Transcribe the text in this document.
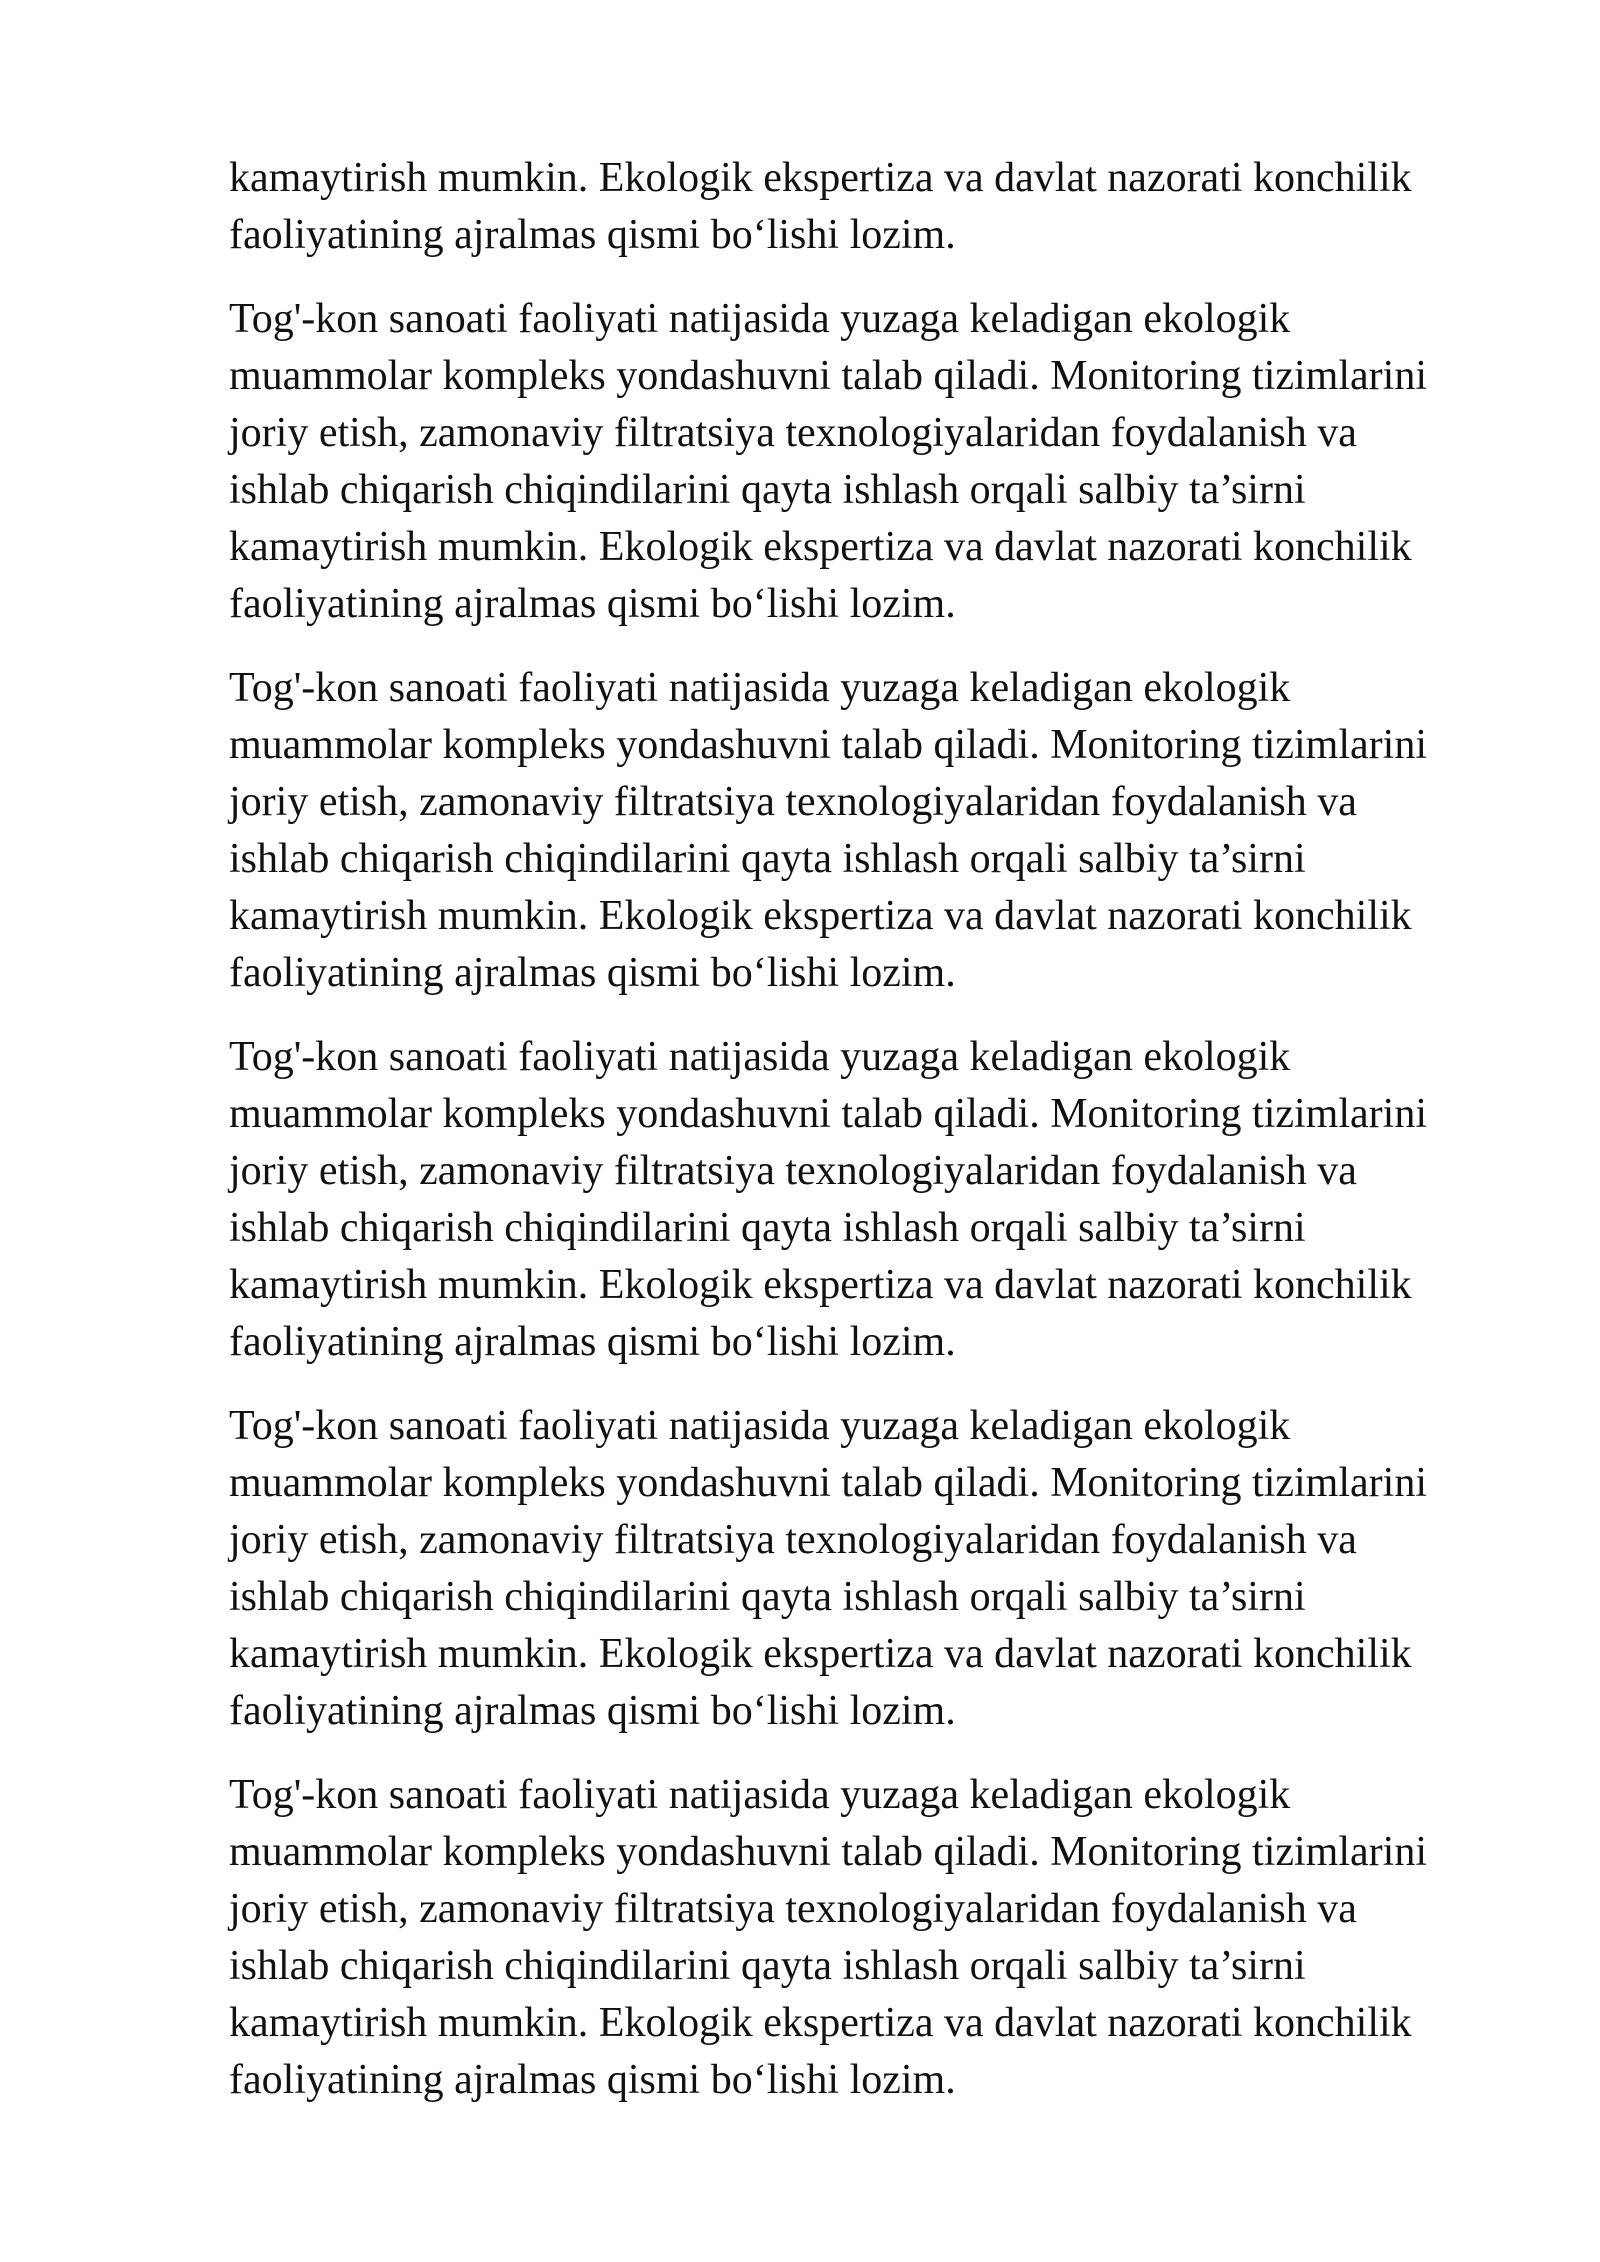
kamaytirish mumkin. Ekologik ekspertiza va davlat nazorati konchilik
faoliyatining ajralmas qismi bo‘lishi lozim.

Tog'-kon sanoati faoliyati natijasida yuzaga keladigan ekologik
muammolar kompleks yondashuvni talab qiladi. Monitoring tizimlarini
joriy etish, zamonaviy filtratsiya texnologiyalaridan foydalanish va
ishlab chiqarish chiqindilarini qayta ishlash orqali salbiy ta’sirni
kamaytirish mumkin. Ekologik ekspertiza va davlat nazorati konchilik
faoliyatining ajralmas qismi bo‘lishi lozim.

Tog'-kon sanoati faoliyati natijasida yuzaga keladigan ekologik
muammolar kompleks yondashuvni talab qiladi. Monitoring tizimlarini
joriy etish, zamonaviy filtratsiya texnologiyalaridan foydalanish va
ishlab chiqarish chiqindilarini qayta ishlash orqali salbiy ta’sirni
kamaytirish mumkin. Ekologik ekspertiza va davlat nazorati konchilik
faoliyatining ajralmas qismi bo‘lishi lozim.

Tog'-kon sanoati faoliyati natijasida yuzaga keladigan ekologik
muammolar kompleks yondashuvni talab qiladi. Monitoring tizimlarini
joriy etish, zamonaviy filtratsiya texnologiyalaridan foydalanish va
ishlab chiqarish chiqindilarini qayta ishlash orqali salbiy ta’sirni
kamaytirish mumkin. Ekologik ekspertiza va davlat nazorati konchilik
faoliyatining ajralmas qismi bo‘lishi lozim.

Tog'-kon sanoati faoliyati natijasida yuzaga keladigan ekologik
muammolar kompleks yondashuvni talab qiladi. Monitoring tizimlarini
joriy etish, zamonaviy filtratsiya texnologiyalaridan foydalanish va
ishlab chiqarish chiqindilarini qayta ishlash orqali salbiy ta’sirni
kamaytirish mumkin. Ekologik ekspertiza va davlat nazorati konchilik
faoliyatining ajralmas qismi bo‘lishi lozim.

Tog'-kon sanoati faoliyati natijasida yuzaga keladigan ekologik
muammolar kompleks yondashuvni talab qiladi. Monitoring tizimlarini
joriy etish, zamonaviy filtratsiya texnologiyalaridan foydalanish va
ishlab chiqarish chiqindilarini qayta ishlash orqali salbiy ta’sirni
kamaytirish mumkin. Ekologik ekspertiza va davlat nazorati konchilik
faoliyatining ajralmas qismi bo‘lishi lozim.
